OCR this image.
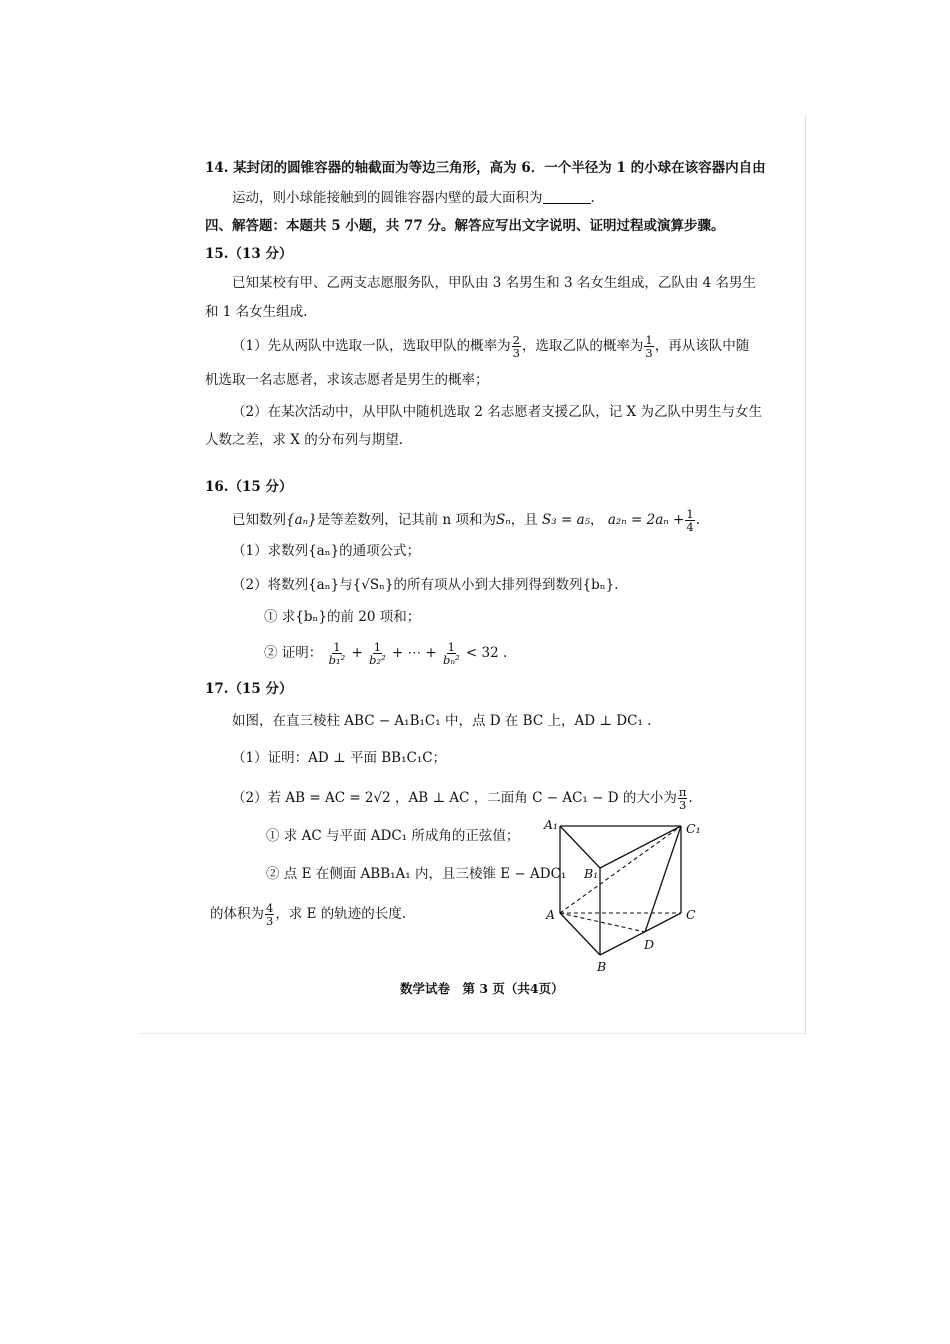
14. 某封闭的圆锥容器的轴截面为等边三角形，高为 6．一个半径为 1 的小球在该容器内自由
运动，则小球能接触到的圆锥容器内壁的最大面积为	.
四、解答题：本题共 5 小题，共 77 分。解答应写出文字说明、证明过程或演算步骤。
15.（13 分）
已知某校有甲、乙两支志愿服务队，甲队由 3 名男生和 3 名女生组成，乙队由 4 名男生
和 1 名女生组成.
（1）先从两队中选取一队，选取甲队的概率为 $\frac{2}{3}$ ，选取乙队的概率为 $\frac{1}{3}$ ，再从该队中随
机选取一名志愿者，求该志愿者是男生的概率；
（2）在某次活动中，从甲队中随机选取 2 名志愿者支援乙队，记 X 为乙队中男生与女生
人数之差，求 X 的分布列与期望.
16.（15 分）
已知数列{aₙ}是等差数列，记其前 n 项和为Sₙ，且 S₃ = a₅， $a_{2n} = 2a_n + \frac{1}{4}$ .
（1）求数列{aₙ}的通项公式；
（2）将数列{aₙ}与{√Sₙ}的所有项从小到大排列得到数列{bₙ}.
① 求{bₙ}的前 20 项和；
② 证明： $\frac{1}{\text{b₁²}} + \frac{1}{\text{b₂²}}$ + ⋯ + $\frac{1}{\text{bₙ²}} < 32$ .
17.（15 分）
如图，在直三棱柱 ABC − A₁B₁C₁ 中，点 D 在 BC 上，AD ⊥ DC₁ .
（1）证明：AD ⊥ 平面 BB₁C₁C；
（2）若 AB = AC = 2√2 ，AB ⊥ AC ，二面角 C − AC₁ − D 的大小为 $\frac{\pi}{3}$ .
① 求 AC 与平面 ADC₁ 所成角的正弦值；
② 点 E 在侧面 ABB₁A₁ 内，且三棱锥 E − ADC₁
的体积为 $\frac{4}{3}$ ，求 E 的轨迹的长度.
A₁	C₁
B₁
A	C
D
B
数学试卷　第 3 页（共4页）
